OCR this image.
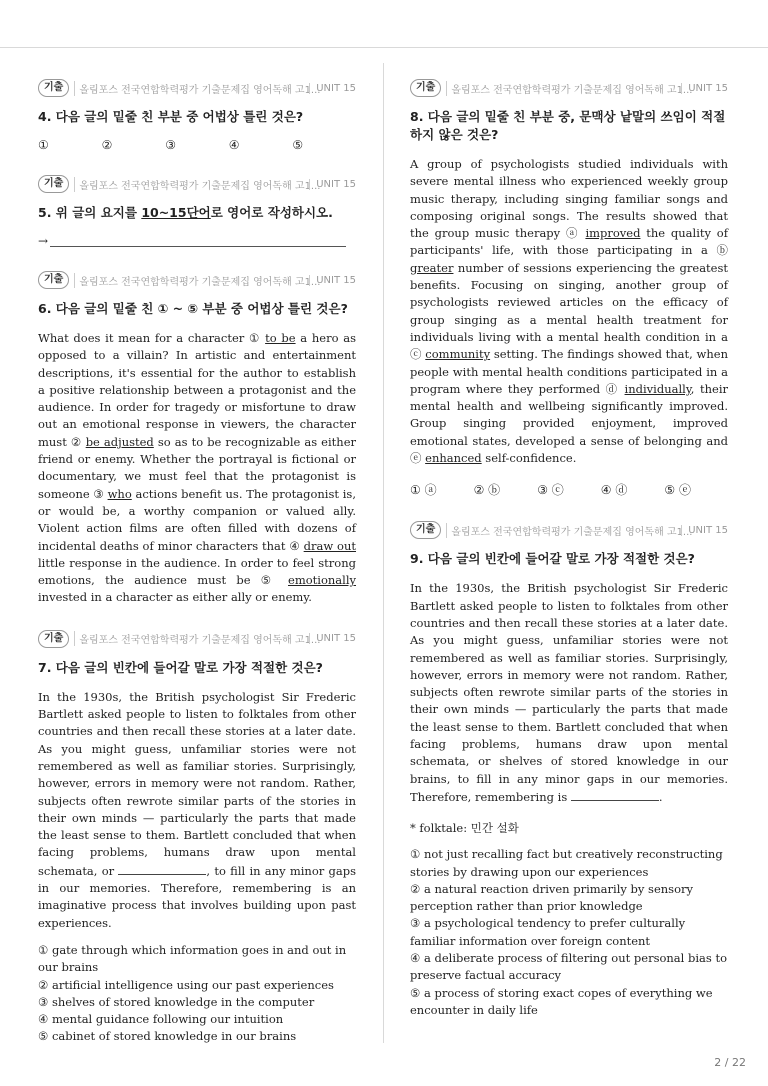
기출	올림포스 전국연합학력평가 기출문제집 영어독해 고1...
UNIT 15
4. 다음 글의 밑줄 친 부분 중 어법상 틀린 것은?
①	②	③	④	⑤
기출	올림포스 전국연합학력평가 기출문제집 영어독해 고1...
UNIT 15
5. 위 글의 요지를 10~15단어로 영어로 작성하시오.
→
기출	올림포스 전국연합학력평가 기출문제집 영어독해 고1...
UNIT 15
6. 다음 글의 밑줄 친 ① ~ ⑤ 부분 중 어법상 틀린 것은?

What does it mean for a character ① to be a hero as opposed to a villain? In artistic and entertainment descriptions, it's essential for the author to establish a positive relationship between a protagonist and the audience. In order for tragedy or misfortune to draw out an emotional response in viewers, the character must ② be adjusted so as to be recognizable as either friend or enemy. Whether the portrayal is fictional or documentary, we must feel that the protagonist is someone ③ who actions benefit us. The protagonist is, or would be, a worthy companion or valued ally. Violent action films are often filled with dozens of incidental deaths of minor characters that ④ draw out little response in the audience. In order to feel strong emotions, the audience must be ⑤ emotionally invested in a character as either ally or enemy.

기출	올림포스 전국연합학력평가 기출문제집 영어독해 고1...
UNIT 15
7. 다음 글의 빈칸에 들어갈 말로 가장 적절한 것은?

In the 1930s, the British psychologist Sir Frederic Bartlett asked people to listen to folktales from other countries and then recall these stories at a later date. As you might guess, unfamiliar stories were not remembered as well as familiar stories. Surprisingly, however, errors in memory were not random. Rather, subjects often rewrote similar parts of the stories in their own minds — particularly the parts that made the least sense to them. Bartlett concluded that when facing problems, humans draw upon mental schemata, or	, to fill in any minor gaps in our memories. Therefore, remembering is an imaginative process that involves building upon past experiences.

① gate through which information goes in and out in our brains
② artificial intelligence using our past experiences
③ shelves of stored knowledge in the computer
④ mental guidance following our intuition
⑤ cabinet of stored knowledge in our brains
기출	올림포스 전국연합학력평가 기출문제집 영어독해 고1...
UNIT 15
8. 다음 글의 밑줄 친 부분 중, 문맥상 낱말의 쓰임이 적절하지 않은 것은?

A group of psychologists studied individuals with severe mental illness who experienced weekly group music therapy, including singing familiar songs and composing original songs. The results showed that the group music therapy ⓐ improved the quality of participants' life, with those participating in a ⓑ greater number of sessions experiencing the greatest benefits. Focusing on singing, another group of psychologists reviewed articles on the efficacy of group singing as a mental health treatment for individuals living with a mental health condition in a ⓒ community setting. The findings showed that, when people with mental health conditions participated in a program where they performed ⓓ individually, their mental health and wellbeing significantly improved. Group singing provided enjoyment, improved emotional states, developed a sense of belonging and ⓔ enhanced self-confidence.

① ⓐ	② ⓑ	③ ⓒ	④ ⓓ	⑤ ⓔ
기출	올림포스 전국연합학력평가 기출문제집 영어독해 고1...
UNIT 15
9. 다음 글의 빈칸에 들어갈 말로 가장 적절한 것은?

In the 1930s, the British psychologist Sir Frederic Bartlett asked people to listen to folktales from other countries and then recall these stories at a later date. As you might guess, unfamiliar stories were not remembered as well as familiar stories. Surprisingly, however, errors in memory were not random. Rather, subjects often rewrote similar parts of the stories in their own minds — particularly the parts that made the least sense to them. Bartlett concluded that when facing problems, humans draw upon mental schemata, or shelves of stored knowledge in our brains, to fill in any minor gaps in our memories. Therefore, remembering is	.

* folktale: 민간 설화
① not just recalling fact but creatively reconstructing stories by drawing upon our experiences
② a natural reaction driven primarily by sensory perception rather than prior knowledge
③ a psychological tendency to prefer culturally familiar information over foreign content
④ a deliberate process of filtering out personal bias to preserve factual accuracy
⑤ a process of storing exact copes of everything we encounter in daily life
2 / 22
